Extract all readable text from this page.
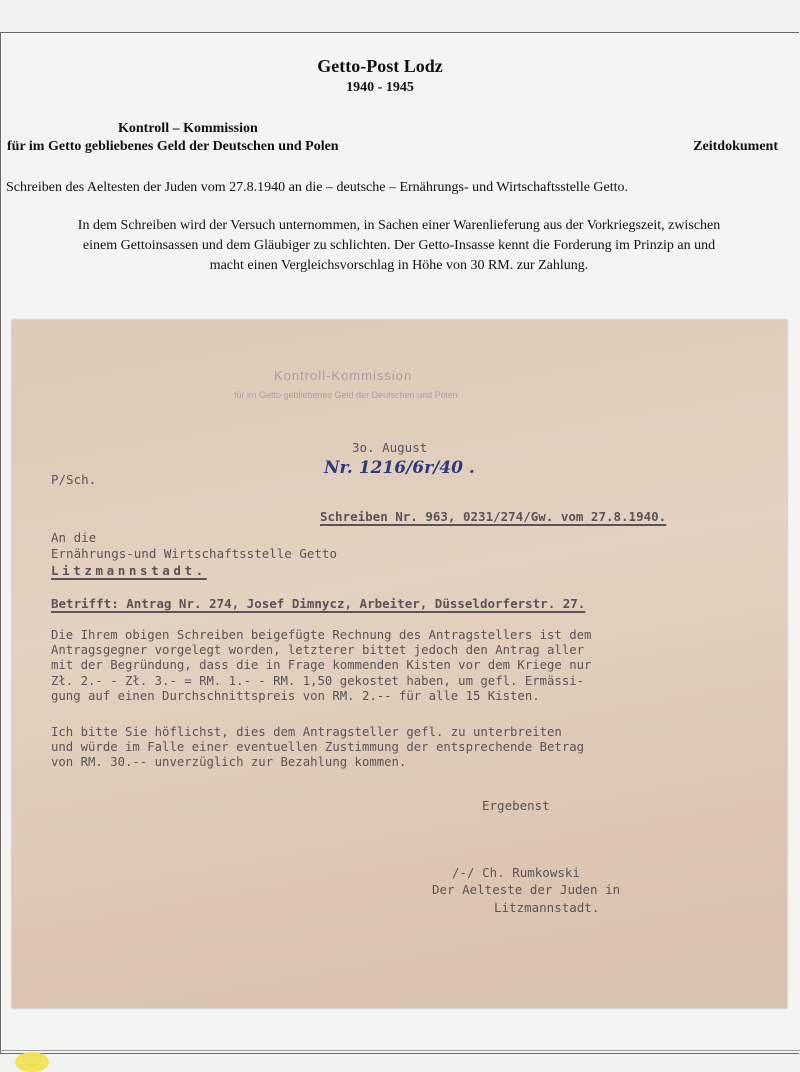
Getto-Post Lodz
1940 - 1945
Kontroll – Kommission
für im Getto gebliebenes Geld der Deutschen und Polen	Zeitdokument
Schreiben des Aeltesten der Juden vom 27.8.1940 an die – deutsche – Ernährungs- und Wirtschaftsstelle Getto.
In dem Schreiben wird der Versuch unternommen, in Sachen einer Warenlieferung aus der Vorkriegszeit, zwischen
einem Gettoinsassen und dem Gläubiger zu schlichten. Der Getto-Insasse kennt die Forderung im Prinzip an und
macht einen Vergleichsvorschlag in Höhe von 30 RM. zur Zahlung.
Kontroll-Kommission
für im Getto gebliebenes Geld der Deutschen und Polen
3o. August
Nr. 1216/6r/40 .
P/Sch.
Schreiben Nr. 963, 0231/274/Gw. vom 27.8.1940.
An die
Ernährungs-und Wirtschaftsstelle Getto
Litzmannstadt.
Betrifft: Antrag Nr. 274, Josef Dimnycz, Arbeiter, Düsseldorferstr. 27.
Die Ihrem obigen Schreiben beigefügte Rechnung des Antragstellers ist dem
Antragsgegner vorgelegt worden, letzterer bittet jedoch den Antrag aller
mit der Begründung, dass die in Frage kommenden Kisten vor dem Kriege nur
Zł. 2.- - Zł. 3.- = RM. 1.- - RM. 1,50 gekostet haben, um gefl. Ermässi-
gung auf einen Durchschnittspreis von RM. 2.-- für alle 15 Kisten.
Ich bitte Sie höflichst, dies dem Antragsteller gefl. zu unterbreiten
und würde im Falle einer eventuellen Zustimmung der entsprechende Betrag
von RM. 30.-- unverzüglich zur Bezahlung kommen.
Ergebenst
/-/ Ch. Rumkowski
Der Aelteste der Juden in
Litzmannstadt.
